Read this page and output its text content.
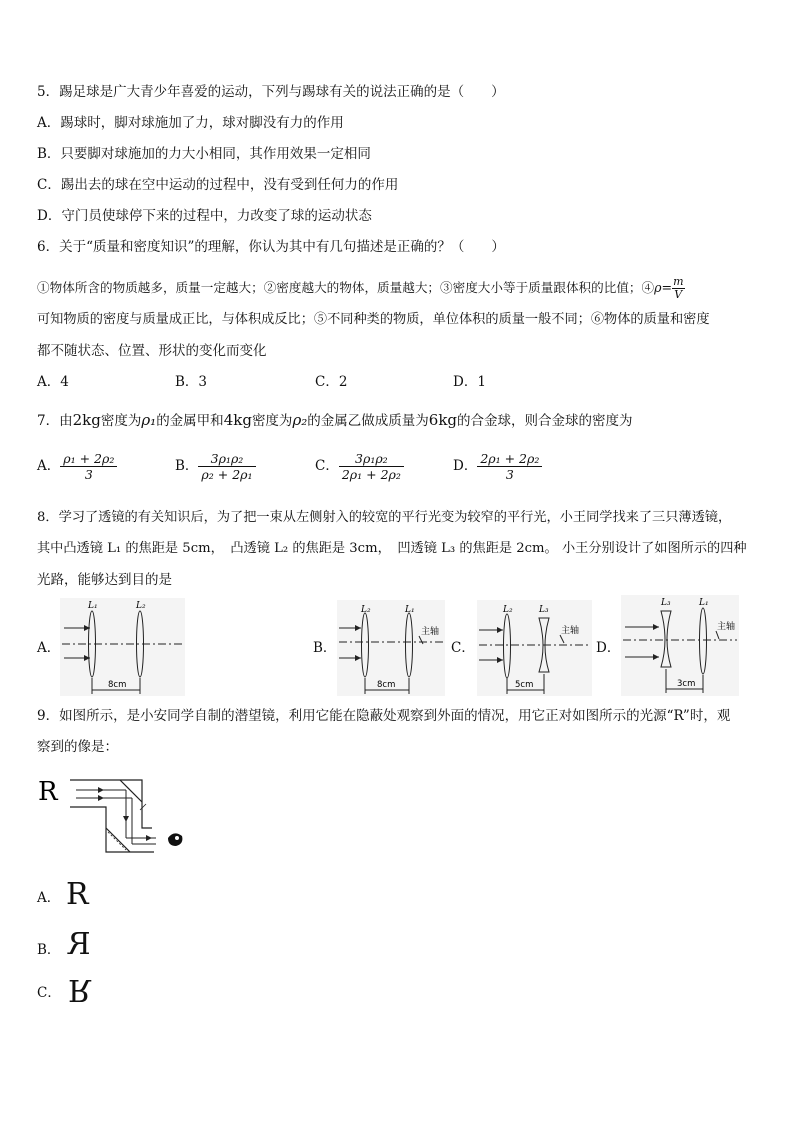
5．踢足球是广大青少年喜爱的运动，下列与踢球有关的说法正确的是（　　）
A．踢球时，脚对球施加了力，球对脚没有力的作用
B．只要脚对球施加的力大小相同，其作用效果一定相同
C．踢出去的球在空中运动的过程中，没有受到任何力的作用
D．守门员使球停下来的过程中，力改变了球的运动状态
6．关于“质量和密度知识”的理解，你认为其中有几句描述是正确的？（　　）
①物体所含的物质越多，质量一定越大；②密度越大的物体，质量越大；③密度大小等于质量跟体积的比值；④ρ= $\frac{m}{V}$
可知物质的密度与质量成正比，与体积成反比；⑤不同种类的物质，单位体积的质量一般不同；⑥物体的质量和密度
都不随状态、位置、形状的变化而变化
A．4	B．3	C．2	D．1
7．由2kg密度为ρ₁的金属甲和4kg密度为ρ₂的金属乙做成质量为6kg的合金球，则合金球的密度为
A． $\frac{\text{ρ₁ + 2ρ₂}}{3}$	B． $\frac{\text{3ρ₁ρ₂}}{\text{ρ₂ + 2ρ₁}}$	C． $\frac{\text{3ρ₁ρ₂}}{\text{2ρ₁ + 2ρ₂}}$	D． $\frac{\text{2ρ₁ + 2ρ₂}}{3}$
8．学习了透镜的有关知识后，为了把一束从左侧射入的较宽的平行光变为较窄的平行光，小王同学找来了三只薄透镜，
其中凸透镜 L₁ 的焦距是 5cm，　凸透镜 L₂ 的焦距是 3cm，　凹透镜 L₃ 的焦距是 2cm。 小王分别设计了如图所示的四种
光路，能够达到目的是
A．	B．	C．	D．
L₁	L₂
8cm
L₂	L₁
主轴
8cm
L₂	L₃
主轴
5cm
L₃	L₁
主轴
3cm
9．如图所示，是小安同学自制的潜望镜，利用它能在隐蔽处观察到外面的情况，用它正对如图所示的光源“R”时，观
察到的像是：
R
A． R
B． R
C． R
